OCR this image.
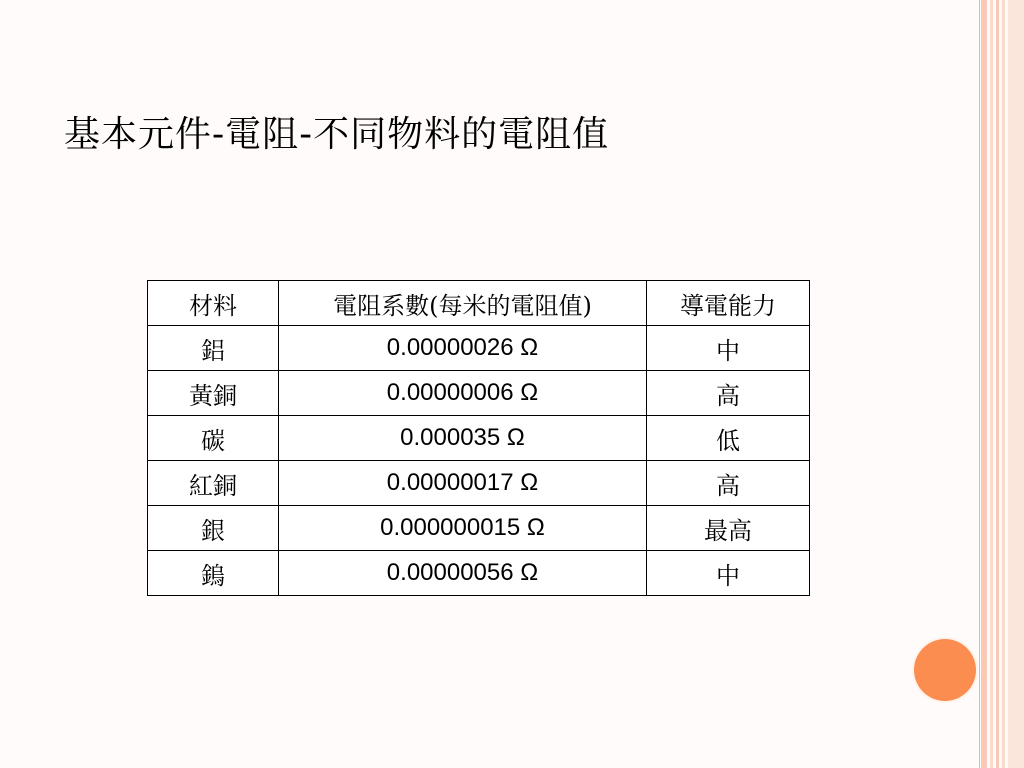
基本元件-電阻-不同物料的電阻值
材料	電阻系數(每米的電阻值)	導電能力
鋁	0.00000026 Ω	中
黃銅	0.00000006 Ω	高
碳	0.000035 Ω	低
紅銅	0.00000017 Ω	高
銀	0.000000015 Ω	最高
鎢	0.00000056 Ω	中
